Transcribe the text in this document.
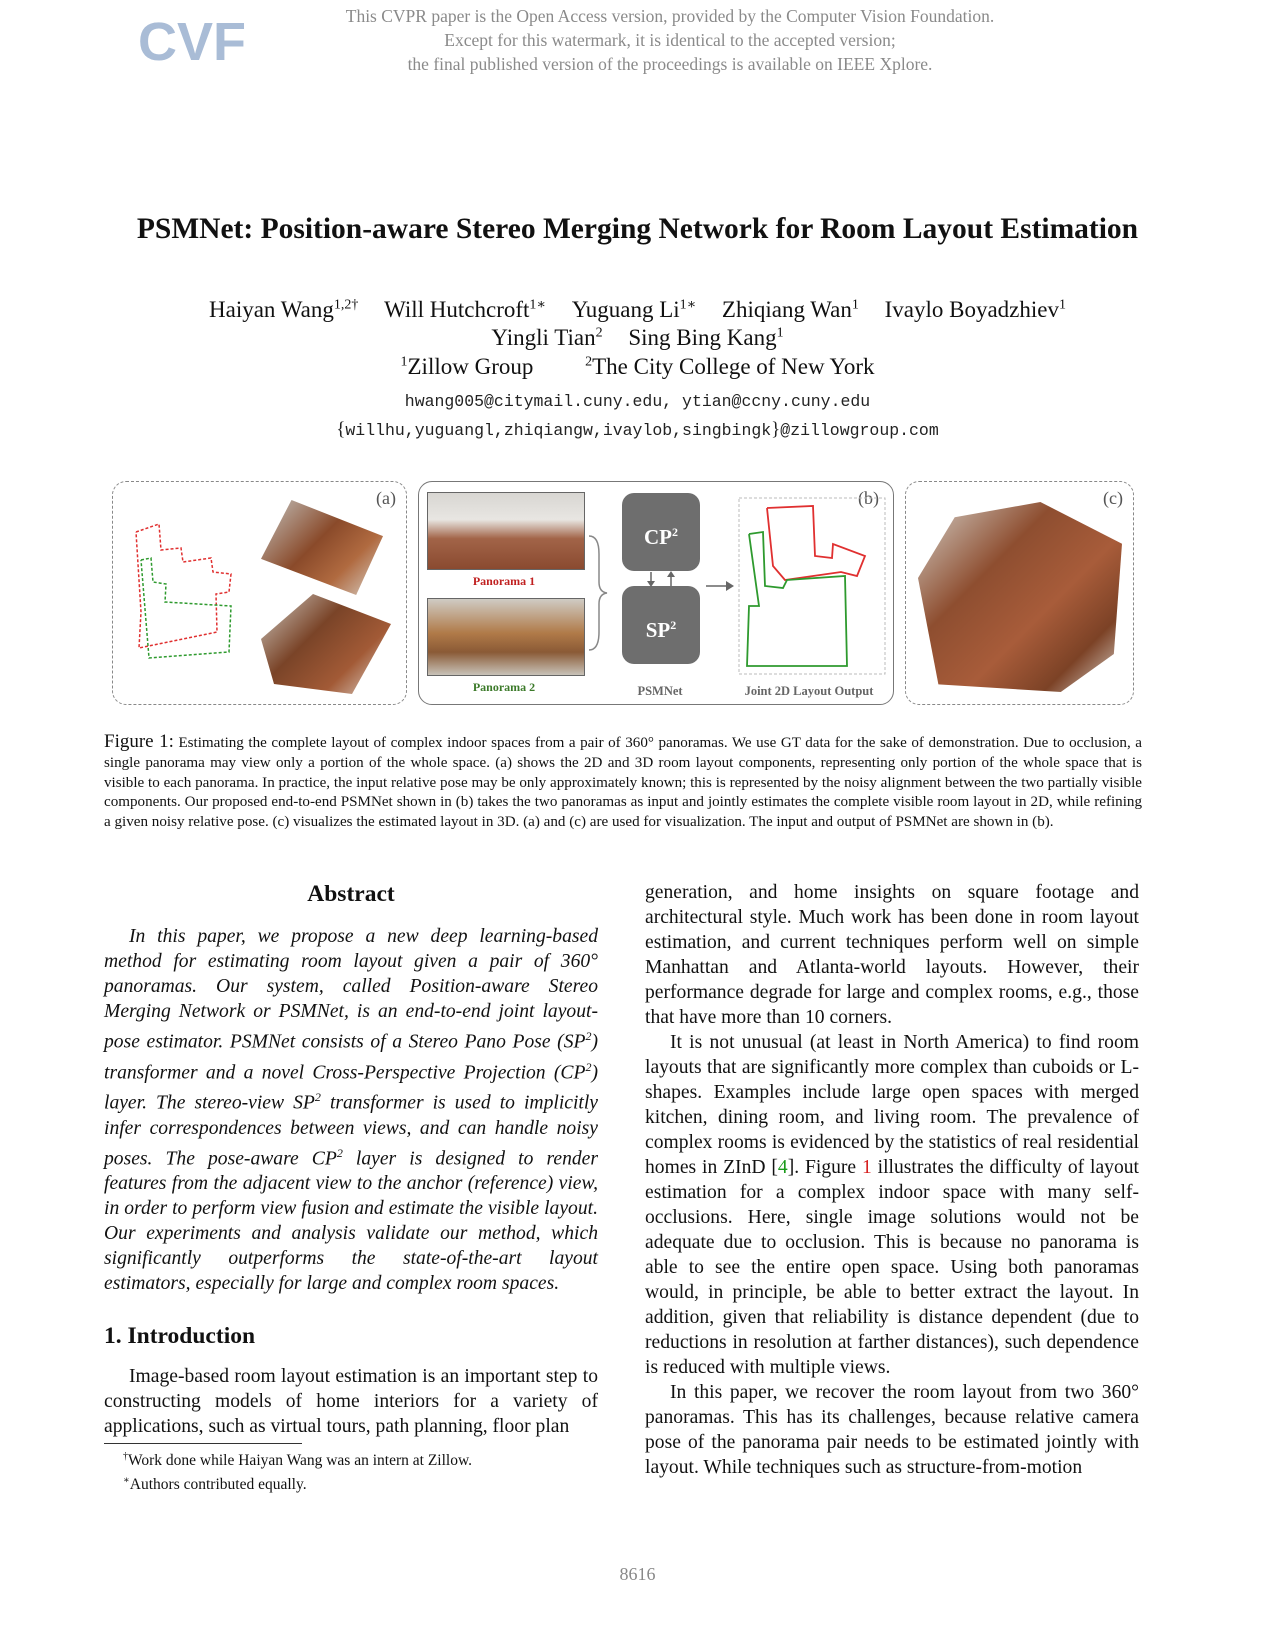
CVF	This CVPR paper is the Open Access version, provided by the Computer Vision Foundation.
Except for this watermark, it is identical to the accepted version;
the final published version of the proceedings is available on IEEE Xplore.
PSMNet: Position-aware Stereo Merging Network for Room Layout Estimation
Haiyan Wang$^{1,2\dagger}$ Will Hutchcroft$^{1∗}$ Yuguang $Li^{1∗}$ Zhiqiang Wan$^1$ Ivaylo Boyadzhiev$^1$
Yingli Tian$^2$ Sing Bing Kang$^1$
$^1$Zillow Group	$^2$The City College of New York
hwang005@citymail.cuny.edu, ytian@ccny.cuny.edu
{willhu,yuguangl,zhiqiangw,ivaylob,singbingk}@zillowgroup.com
(a)	(b)
Panorama 1
Panorama 2
$CP^2$
$SP^2$
PSMNet	Joint 2D Layout Output
(c)
Figure 1: Estimating the complete layout of complex indoor spaces from a pair of 360° panoramas. We use GT data for the sake of demonstration. Due to occlusion, a single panorama may view only a portion of the whole space. (a) shows the 2D and 3D room layout components, representing only portion of the whole space that is visible to each panorama. In practice, the input relative pose may be only approximately known; this is represented by the noisy alignment between the two partially visible components. Our proposed end-to-end PSMNet shown in (b) takes the two panoramas as input and jointly estimates the complete visible room layout in 2D, while refining a given noisy relative pose. (c) visualizes the estimated layout in 3D. (a) and (c) are used for visualization. The input and output of PSMNet are shown in (b).
Abstract

In this paper, we propose a new deep learning-based method for estimating room layout given a pair of 360° panoramas. Our system, called Position-aware Stereo Merging Network or PSMNet, is an end-to-end joint layout-pose estimator. PSMNet consists of a Stereo Pano Pose $(SP^2)$ transformer and a novel Cross-Perspective Projection $(CP^2)$ layer. The stereo-view $SP^2$ transformer is used to implicitly infer correspondences between views, and can handle noisy poses. The pose-aware $CP^2$ layer is designed to render features from the adjacent view to the anchor (reference) view, in order to perform view fusion and estimate the visible layout. Our experiments and analysis validate our method, which significantly outperforms the state-of-the-art layout estimators, especially for large and complex room spaces.

1. Introduction

Image-based room layout estimation is an important step to constructing models of home interiors for a variety of applications, such as virtual tours, path planning, floor plan

generation, and home insights on square footage and architectural style. Much work has been done in room layout estimation, and current techniques perform well on simple Manhattan and Atlanta-world layouts. However, their performance degrade for large and complex rooms, e.g., those that have more than 10 corners.

It is not unusual (at least in North America) to find room layouts that are significantly more complex than cuboids or L-shapes. Examples include large open spaces with merged kitchen, dining room, and living room. The prevalence of complex rooms is evidenced by the statistics of real residential homes in ZInD [4]. Figure 1 illustrates the difficulty of layout estimation for a complex indoor space with many self-occlusions. Here, single image solutions would not be adequate due to occlusion. This is because no panorama is able to see the entire open space. Using both panoramas would, in principle, be able to better extract the layout. In addition, given that reliability is distance dependent (due to reductions in resolution at farther distances), such dependence is reduced with multiple views.

In this paper, we recover the room layout from two 360° panoramas. This has its challenges, because relative camera pose of the panorama pair needs to be estimated jointly with layout. While techniques such as structure-from-motion

†Work done while Haiyan Wang was an intern at Zillow.
∗Authors contributed equally.
8616
